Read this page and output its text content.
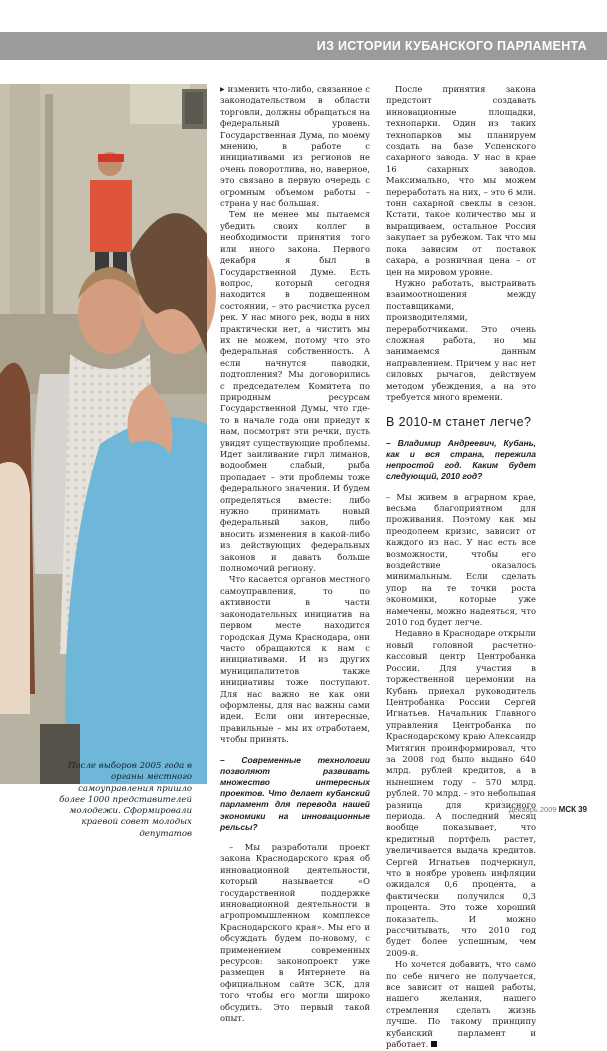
ИЗ ИСТОРИИ КУБАНСКОГО ПАРЛАМЕНТА
После выборов 2005 года в органы местного самоуправления пришло более 1000 представителей молодежи. Сформировали краевой совет молодых депутатов

▶ изменить что-либо, связанное с законодательством в области торговли, должны обращаться на федеральный уровень. Государственная Дума, по моему мнению, в работе с инициативами из регионов не очень поворотлива, но, наверное, это связано в первую очередь с огромным объемом работы – страна у нас большая.

Тем не менее мы пытаемся убедить своих коллег в необходимости принятия того или иного закона. Первого декабря я был в Государственной Думе. Есть вопрос, который сегодня находится в подвешенном состоянии, – это расчистка русел рек. У нас много рек, воды в них практически нет, а чистить мы их не можем, потому что это федеральная собственность. А если начнутся паводки, подтопления? Мы договорились с председателем Комитета по природным ресурсам Государственной Думы, что где-то в начале года они приедут к нам, посмотрят эти речки, пусть увидят существующие проблемы. Идет заиливание гирл лиманов, водообмен слабый, рыба пропадает – эти проблемы тоже федерального значения. И будем определяться вместе: либо нужно принимать новый федеральный закон, либо вносить изменения в какой-либо из действующих федеральных законов и давать больше полномочий региону.

Что касается органов местного самоуправления, то по активности в части законодательных инициатив на первом месте находится городская Дума Краснодара, они часто обращаются к нам с инициативами. И из других муниципалитетов также инициативы тоже поступают. Для нас важно не как они оформлены, для нас важны сами идеи. Если они интересные, правильные – мы их отработаем, чтобы принять.

– Современные технологии позволяют развивать множество интересных проектов. Что делает кубанский парламент для перевода нашей экономики на инновационные рельсы?

– Мы разработали проект закона Краснодарского края об инновационной деятельности, который называется «О государственной поддержке инновационной деятельности в агропромышленном комплексе Краснодарского края». Мы его и обсуждать будем по-новому, с применением современных ресурсов: законопроект уже размещен в Интернете на официальном сайте ЗСК, для того чтобы его могли широко обсудить. Это первый такой опыт.

После принятия закона предстоит создавать инновационные площадки, технопарки. Один из таких технопарков мы планируем создать на базе Успенского сахарного завода. У нас в крае 16 сахарных заводов. Максимально, что мы можем переработать на них, – это 6 млн. тонн сахарной свеклы в сезон. Кстати, такое количество мы и выращиваем, остальное Россия закупает за рубежом. Так что мы пока зависим от поставок сахара, а розничная цена – от цен на мировом уровне.

Нужно работать, выстраивать взаимоотношения между поставщиками, производителями, переработчиками. Это очень сложная работа, но мы занимаемся данным направлением. Причем у нас нет силовых рычагов, действуем методом убеждения, а на это требуется много времени.

В 2010-м станет легче?

– Владимир Андреевич, Кубань, как и вся страна, пережила непростой год. Каким будет следующий, 2010 год?

– Мы живем в аграрном крае, весьма благоприятном для проживания. Поэтому как мы преодолеем кризис, зависит от каждого из нас. У нас есть все возможности, чтобы его воздействие оказалось минимальным. Если сделать упор на те точки роста экономики, которые уже намечены, можно надеяться, что 2010 год будет легче.

Недавно в Краснодаре открыли новый головной расчетно-кассовый центр Центробанка России. Для участия в торжественной церемонии на Кубань приехал руководитель Центробанка России Сергей Игнатьев. Начальник Главного управления Центробанка по Краснодарскому краю Александр Митягин проинформировал, что за 2008 год было выдано 640 млрд. рублей кредитов, а в нынешнем году – 570 млрд. рублей. 70 млрд. – это небольшая разница для кризисного периода. А последний месяц вообще показывает, что кредитный портфель растет, увеличивается выдача кредитов. Сергей Игнатьев подчеркнул, что в ноябре уровень инфляции ожидался 0,6 процента, а фактически получился 0,3 процента. Это тоже хороший показатель. И можно рассчитывать, что 2010 год будет более успешным, чем 2009-й.

Но хочется добавить, что само по себе ничего не получается, все зависит от нашей работы, нашего желания, нашего стремления сделать жизнь лучше. По такому принципу кубанский парламент и работает.

Декабрь 2009 МСК 39
